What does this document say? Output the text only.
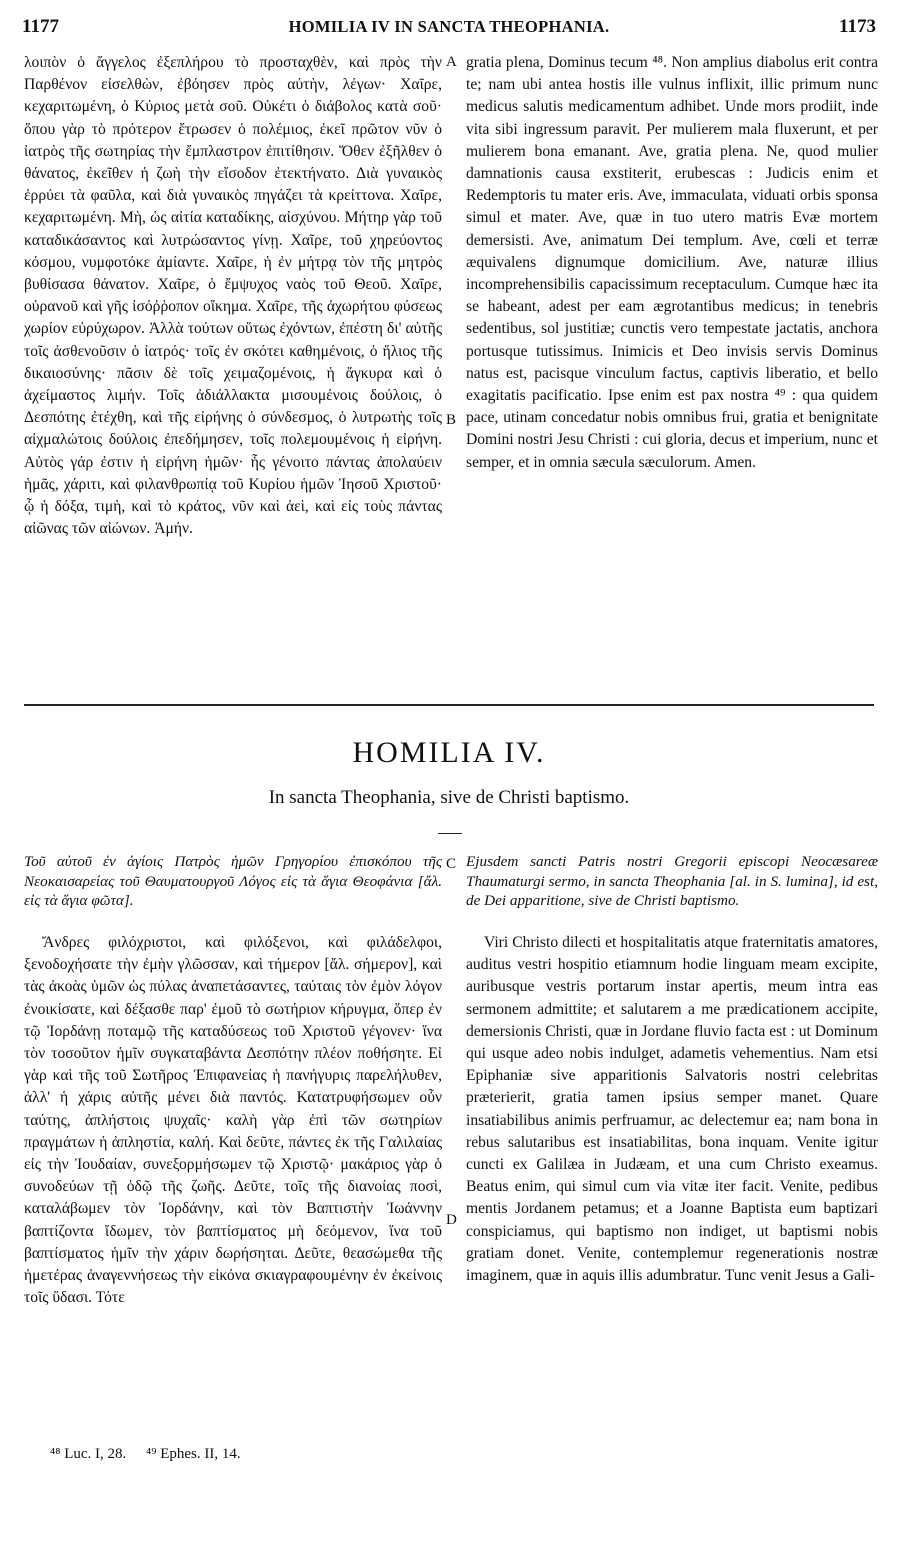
1177	HOMILIA IV IN SANCTA THEOPHANIA.	1173

λοιπὸν ὁ ἄγγελος ἐξεπλήρου τὸ προσταχθὲν, καὶ πρὸς τὴν Παρθένον εἰσελθὼν, ἐβόησεν πρὸς αὐτὴν, λέγων· Χαῖρε, κεχαριτωμένη, ὁ Κύριος μετὰ σοῦ. Οὐκέτι ὁ διάβολος κατὰ σοῦ· ὅπου γὰρ τὸ πρότερον ἔτρωσεν ὁ πολέμιος, ἐκεῖ πρῶτον νῦν ὁ ἰατρὸς τῆς σωτηρίας τὴν ἔμπλαστρον ἐπιτίθησιν. Ὅθεν ἐξῆλθεν ὁ θάνατος, ἐκεῖθεν ἡ ζωὴ τὴν εἴσοδον ἐτεκτήνατο. Διὰ γυναικὸς ἐρρύει τὰ φαῦλα, καὶ διὰ γυναικὸς πηγάζει τὰ κρείττονα. Χαῖρε, κεχαριτωμένη. Μὴ, ὡς αἰτία καταδίκης, αἰσχύνου. Μήτηρ γὰρ τοῦ καταδικάσαντος καὶ λυτρώσαντος γίνῃ. Χαῖρε, τοῦ χηρεύοντος κόσμου, νυμφοτόκε ἀμίαντε. Χαῖρε, ἡ ἐν μήτρᾳ τὸν τῆς μητρὸς βυθίσασα θάνατον. Χαῖρε, ὁ ἔμψυχος ναὸς τοῦ Θεοῦ. Χαῖρε, οὐρανοῦ καὶ γῆς ἰσόῤῥοπον οἴκημα. Χαῖρε, τῆς ἀχωρήτου φύσεως χωρίον εὐρύχωρον. Ἀλλὰ τούτων οὕτως ἐχόντων, ἐπέστη δι' αὐτῆς τοῖς ἀσθενοῦσιν ὁ ἰατρός· τοῖς ἐν σκότει καθημένοις, ὁ ἥλιος τῆς δικαιοσύνης· πᾶσιν δὲ τοῖς χειμαζομένοις, ἡ ἄγκυρα καὶ ὁ ἀχείμαστος λιμήν. Τοῖς ἀδιάλλακτα μισουμένοις δούλοις, ὁ Δεσπότης ἐτέχθη, καὶ τῆς εἰρήνης ὁ σύνδεσμος, ὁ λυτρωτὴς τοῖς αἰχμαλώτοις δούλοις ἐπεδήμησεν, τοῖς πολεμουμένοις ἡ εἰρήνη. Αὐτὸς γάρ ἐστιν ἡ εἰρήνη ἡμῶν· ἧς γένοιτο πάντας ἀπολαύειν ἡμᾶς, χάριτι, καὶ φιλανθρωπίᾳ τοῦ Κυρίου ἡμῶν Ἰησοῦ Χριστοῦ· ᾧ ἡ δόξα, τιμὴ, καὶ τὸ κράτος, νῦν καὶ ἀεὶ, καὶ εἰς τοὺς πάντας αἰῶνας τῶν αἰώνων. Ἀμήν.

A
B

gratia plena, Dominus tecum ⁴⁸. Non amplius diabolus erit contra te; nam ubi antea hostis ille vulnus inflixit, illic primum nunc medicus salutis medicamentum adhibet. Unde mors prodiit, inde vita sibi ingressum paravit. Per mulierem mala fluxerunt, et per mulierem bona emanant. Ave, gratia plena. Ne, quod mulier damnationis causa exstiterit, erubescas : Judicis enim et Redemptoris tu mater eris. Ave, immaculata, viduati orbis sponsa simul et mater. Ave, quæ in tuo utero matris Evæ mortem demersisti. Ave, animatum Dei templum. Ave, cœli et terræ æquivalens dignumque domicilium. Ave, naturæ illius incomprehensibilis capacissimum receptaculum. Cumque hæc ita se habeant, adest per eam ægrotantibus medicus; in tenebris sedentibus, sol justitiæ; cunctis vero tempestate jactatis, anchora portusque tutissimus. Inimicis et Deo invisis servis Dominus natus est, pacisque vinculum factus, captivis liberatio, et bello exagitatis pacificatio. Ipse enim est pax nostra ⁴⁹ : qua quidem pace, utinam concedatur nobis omnibus frui, gratia et benignitate Domini nostri Jesu Christi : cui gloria, decus et imperium, nunc et semper, et in omnia sæcula sæculorum. Amen.

HOMILIA IV.
In sancta Theophania, sive de Christi baptismo.
Τοῦ αὐτοῦ ἐν ἁγίοις Πατρὸς ἡμῶν Γρηγορίου ἐπισκόπου τῆς Νεοκαισαρείας τοῦ Θαυματουργοῦ Λόγος εἰς τὰ ἅγια Θεοφάνια [ἄλ. εἰς τὰ ἅγια φῶτα].
C Ejusdem sancti Patris nostri Gregorii episcopi Neocæsareæ Thaumaturgi sermo, in sancta Theophania [al. in S. lumina], id est, de Dei apparitione, sive de Christi baptismo.

Ἄνδρες φιλόχριστοι, καὶ φιλόξενοι, καὶ φιλάδελφοι, ξενοδοχήσατε τὴν ἐμὴν γλῶσσαν, καὶ τήμερον [ἄλ. σήμερον], καὶ τὰς ἀκοὰς ὑμῶν ὡς πύλας ἀναπετάσαντες, ταύταις τὸν ἐμὸν λόγον ἐνοικίσατε, καὶ δέξασθε παρ' ἐμοῦ τὸ σωτήριον κήρυγμα, ὅπερ ἐν τῷ Ἰορδάνῃ ποταμῷ τῆς καταδύσεως τοῦ Χριστοῦ γέγονεν· ἵνα τὸν τοσοῦτον ἡμῖν συγκαταβάντα Δεσπότην πλέον ποθήσητε. Εἰ γὰρ καὶ τῆς τοῦ Σωτῆρος Ἐπιφανείας ἡ πανήγυρις παρελήλυθεν, ἀλλ' ἡ χάρις αὐτῆς μένει διὰ παντός. Κατατρυφήσωμεν οὖν ταύτης, ἀπλήστοις ψυχαῖς· καλὴ γὰρ ἐπὶ τῶν σωτηρίων πραγμάτων ἡ ἀπληστία, καλή. Καὶ δεῦτε, πάντες ἐκ τῆς Γαλιλαίας εἰς τὴν Ἰουδαίαν, συνεξορμήσωμεν τῷ Χριστῷ· μακάριος γὰρ ὁ συνοδεύων τῇ ὁδῷ τῆς ζωῆς. Δεῦτε, τοῖς τῆς διανοίας ποσὶ, καταλάβωμεν τὸν Ἰορδάνην, καὶ τὸν Βαπτιστὴν Ἰωάννην βαπτίζοντα ἴδωμεν, τὸν βαπτίσματος μὴ δεόμενον, ἵνα τοῦ βαπτίσματος ἡμῖν τὴν χάριν δωρήσηται. Δεῦτε, θεασώμεθα τῆς ἡμετέρας ἀναγεννήσεως τὴν εἰκόνα σκιαγραφουμένην ἐν ἐκείνοις τοῖς ὕδασι. Τότε

D

Viri Christo dilecti et hospitalitatis atque fraternitatis amatores, auditus vestri hospitio etiamnum hodie linguam meam excipite, auribusque vestris portarum instar apertis, meum intra eas sermonem admittite; et salutarem a me prædicationem accipite, demersionis Christi, quæ in Jordane fluvio facta est : ut Dominum qui usque adeo nobis indulget, adametis vehementius. Nam etsi Epiphaniæ sive apparitionis Salvatoris nostri celebritas præterierit, gratia tamen ipsius semper manet. Quare insatiabilibus animis perfruamur, ac delectemur ea; nam bona in rebus salutaribus est insatiabilitas, bona inquam. Venite igitur cuncti ex Galilæa in Judæam, et una cum Christo exeamus. Beatus enim, qui simul cum via vitæ iter facit. Venite, pedibus mentis Jordanem petamus; et a Joanne Baptista eum baptizari conspiciamus, qui baptismo non indiget, ut baptismi nobis gratiam donet. Venite, contemplemur regenerationis nostræ imaginem, quæ in aquis illis adumbratur. Tunc venit Jesus a Gali-

⁴⁸ Luc. I, 28. ⁴⁹ Ephes. II, 14.
